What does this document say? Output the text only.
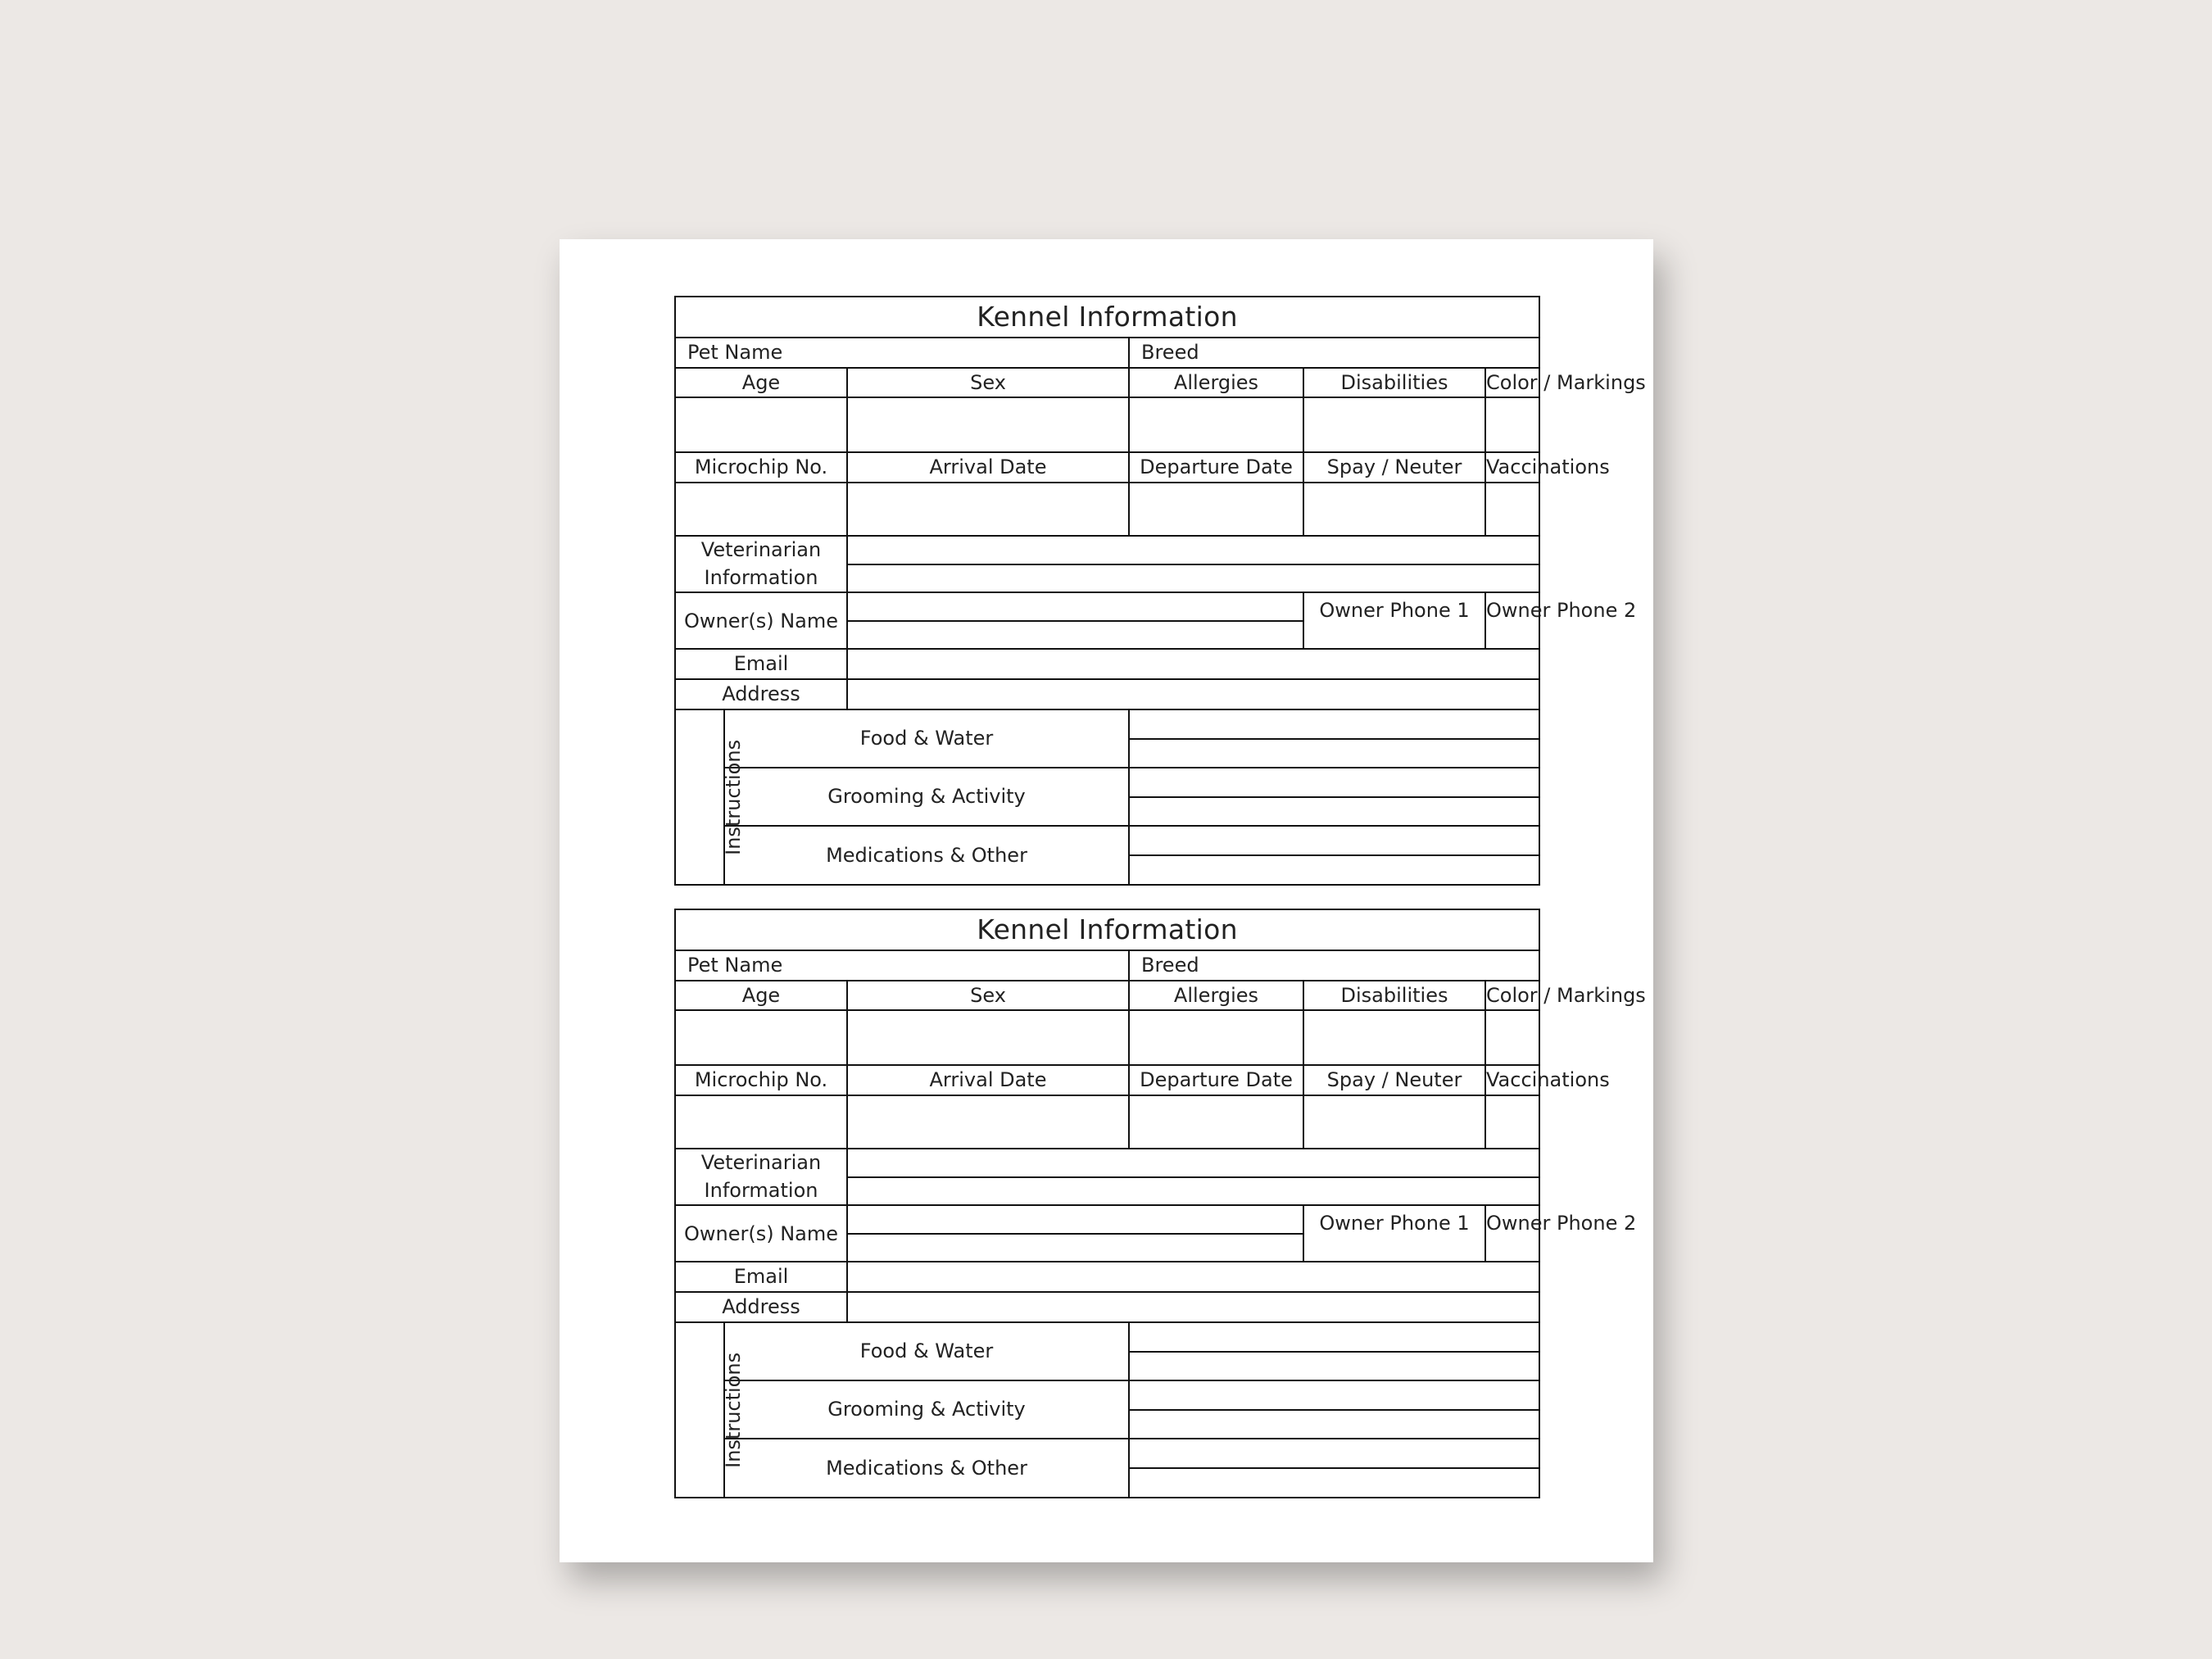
Kennel Information					
Pet Name			Breed		
Age		Sex	Allergies	Disabilities	Color / Markings

Microchip No.		Arrival Date	Departure Date	Spay / Neuter	Vaccinations

Veterinarian Information					

Owner(s) Name				Owner Phone 1	Owner Phone 2

Email					
Address					
Instructions	Food & Water				

	Grooming & Activity				

	Medications & Other				

Kennel Information					
Pet Name			Breed		
Age		Sex	Allergies	Disabilities	Color / Markings

Microchip No.		Arrival Date	Departure Date	Spay / Neuter	Vaccinations

Veterinarian Information					

Owner(s) Name				Owner Phone 1	Owner Phone 2

Email					
Address					
Instructions	Food & Water				

	Grooming & Activity				

	Medications & Other				
